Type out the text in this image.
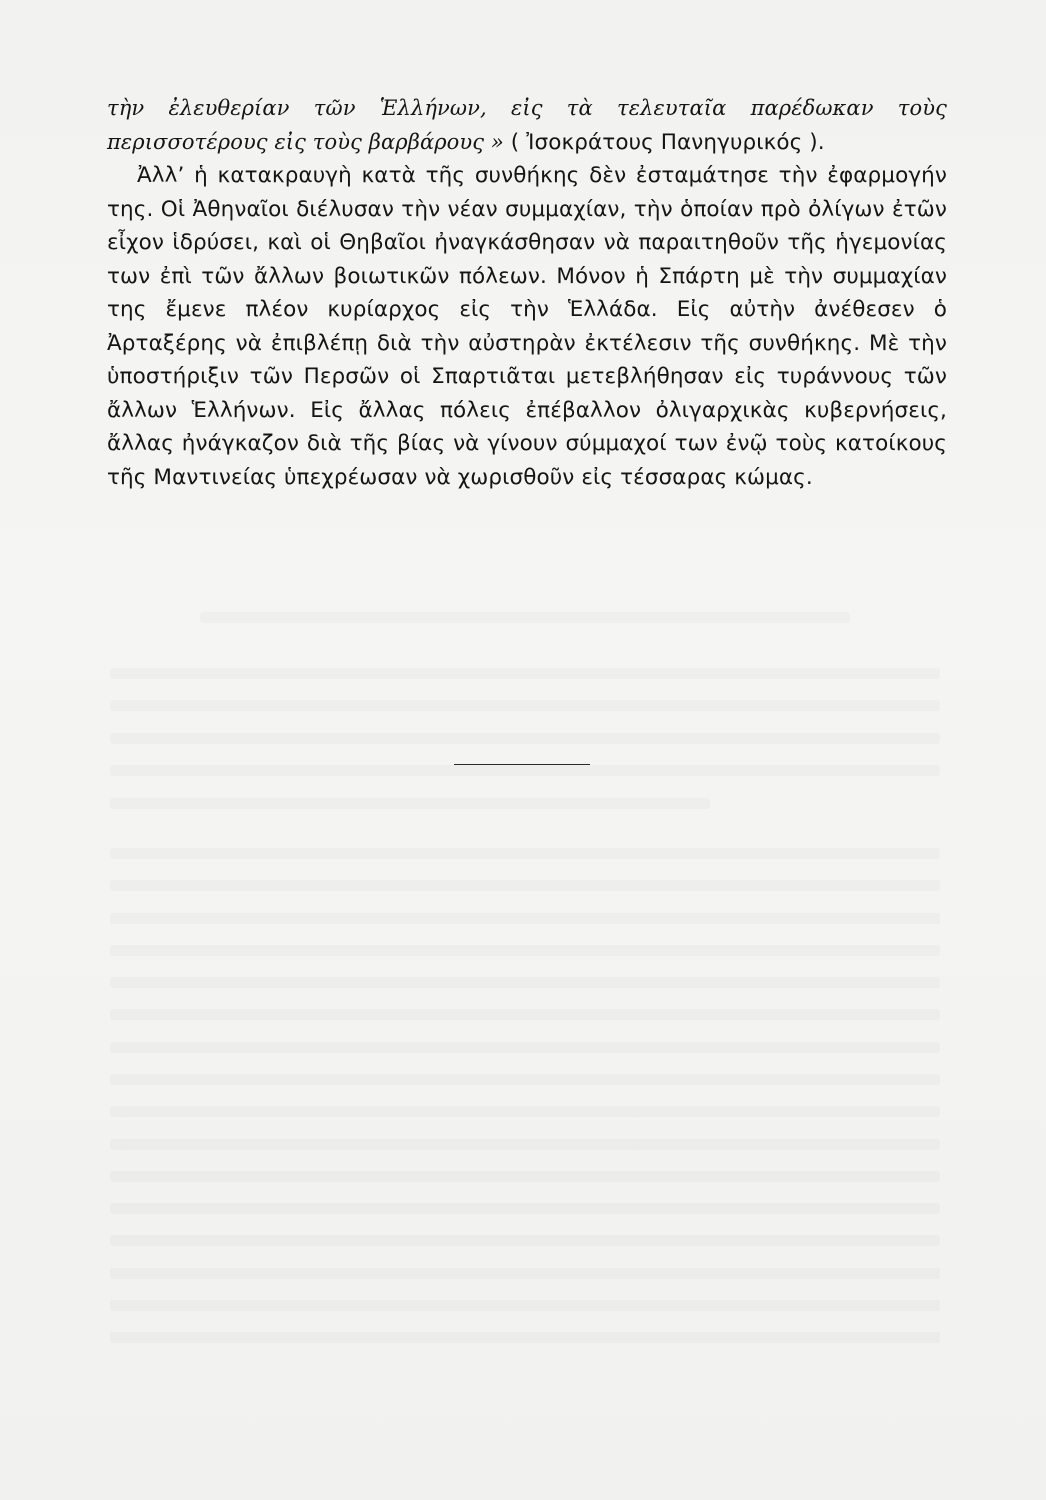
τὴν ἐλευθερίαν τῶν Ἑλλήνων, εἰς τὰ τελευταῖα παρέδωκαν τοὺς περισσοτέρους εἰς τοὺς βαρβάρους » ( Ἰσοκράτους Πανηγυρικός ).

Ἀλλ’ ἡ κατακραυγὴ κατὰ τῆς συνθήκης δὲν ἐσταμάτησε τὴν ἐφαρμογήν της. Οἱ Ἀθηναῖοι διέλυσαν τὴν νέαν συμμαχίαν, τὴν ὁποίαν πρὸ ὀλίγων ἐτῶν εἶχον ἱδρύσει, καὶ οἱ Θηβαῖοι ἠναγκάσθησαν νὰ παραιτηθοῦν τῆς ἡγεμονίας των ἐπὶ τῶν ἄλλων βοιωτικῶν πόλεων. Μόνον ἡ Σπάρτη μὲ τὴν συμμαχίαν της ἔμενε πλέον κυρίαρχος εἰς τὴν Ἑλλάδα. Εἰς αὐτὴν ἀνέθεσεν ὁ Ἀρταξέρης νὰ ἐπιβλέπῃ διὰ τὴν αὐστηρὰν ἐκτέλεσιν τῆς συνθήκης. Μὲ τὴν ὑποστήριξιν τῶν Περσῶν οἱ Σπαρτιᾶται μετεβλήθησαν εἰς τυράννους τῶν ἄλλων Ἑλλήνων. Εἰς ἄλλας πόλεις ἐπέβαλλον ὀλιγαρχικὰς κυβερνήσεις, ἄλλας ἠνάγκαζον διὰ τῆς βίας νὰ γίνουν σύμμαχοί των ἐνῷ τοὺς κατοίκους τῆς Μαντινείας ὑπεχρέωσαν νὰ χωρισθοῦν εἰς τέσσαρας κώμας.
